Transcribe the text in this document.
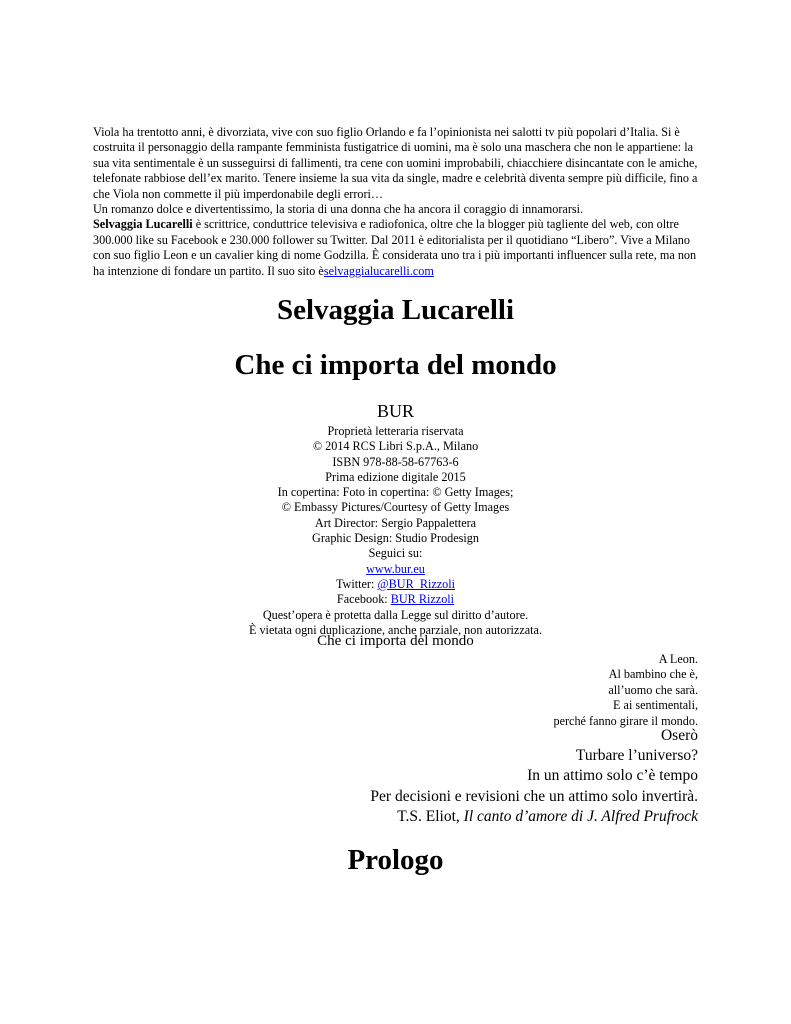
Viola ha trentotto anni, è divorziata, vive con suo figlio Orlando e fa l’opinionista nei salotti tv più popolari d’Italia. Si è costruita il personaggio della rampante femminista fustigatrice di uomini, ma è solo una maschera che non le appartiene: la sua vita sentimentale è un susseguirsi di fallimenti, tra cene con uomini improbabili, chiacchiere disincantate con le amiche, telefonate rabbiose dell’ex marito. Tenere insieme la sua vita da single, madre e celebrità diventa sempre più difficile, fino a che Viola non commette il più imperdonabile degli errori…

Un romanzo dolce e divertentissimo, la storia di una donna che ha ancora il coraggio di innamorarsi.

Selvaggia Lucarelli è scrittrice, conduttrice televisiva e radiofonica, oltre che la blogger più tagliente del web, con oltre 300.000 like su Facebook e 230.000 follower su Twitter. Dal 2011 è editorialista per il quotidiano “Libero”. Vive a Milano con suo figlio Leon e un cavalier king di nome Godzilla. È considerata uno tra i più importanti influencer sulla rete, ma non ha intenzione di fondare un partito. Il suo sito èselvaggialucarelli.com

Selvaggia Lucarelli
Che ci importa del mondo
BUR
Proprietà letteraria riservata
© 2014 RCS Libri S.p.A., Milano
ISBN 978-88-58-67763-6
Prima edizione digitale 2015
In copertina: Foto in copertina: © Getty Images;
© Embassy Pictures/Courtesy of Getty Images
Art Director: Sergio Pappalettera
Graphic Design: Studio Prodesign
Seguici su:
www.bur.eu
Twitter: @BUR_Rizzoli
Facebook: BUR Rizzoli
Quest’opera è protetta dalla Legge sul diritto d’autore.
È vietata ogni duplicazione, anche parziale, non autorizzata.
Che ci importa del mondo
A Leon.
Al bambino che è,
all’uomo che sarà.
E ai sentimentali,
perché fanno girare il mondo.
Oserò
Turbare l’universo?
In un attimo solo c’è tempo
Per decisioni e revisioni che un attimo solo invertirà.
T.S. Eliot, Il canto d’amore di J. Alfred Prufrock
Prologo
